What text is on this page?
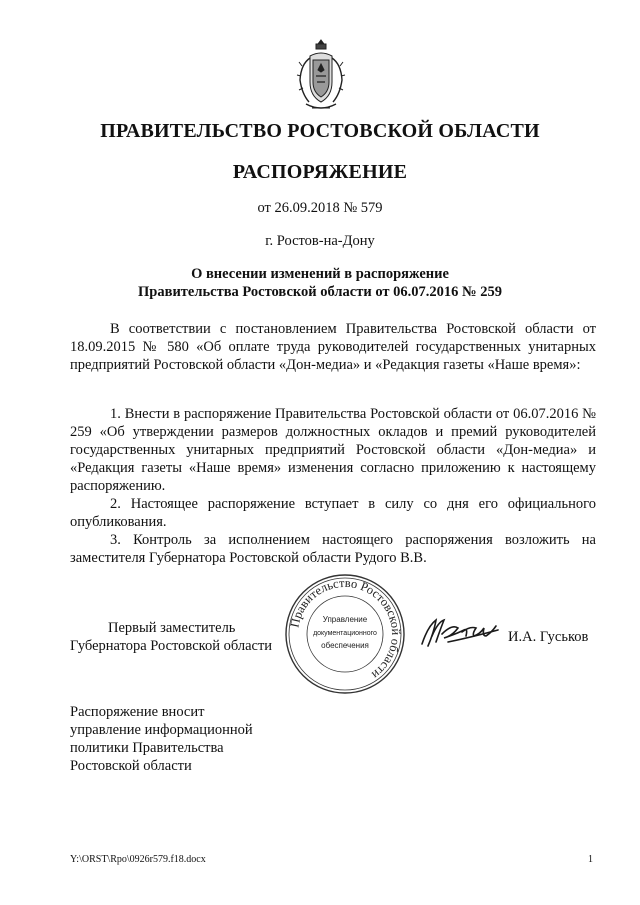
ПРАВИТЕЛЬСТВО РОСТОВСКОЙ ОБЛАСТИ
РАСПОРЯЖЕНИЕ
от 26.09.2018 № 579
г. Ростов-на-Дону
О внесении изменений в распоряжение
Правительства Ростовской области от 06.07.2016 № 259

В соответствии с постановлением Правительства Ростовской области от 18.09.2015 № 580 «Об оплате труда руководителей государственных унитарных предприятий Ростовской области «Дон-медиа» и «Редакция газеты «Наше время»:

1. Внести в распоряжение Правительства Ростовской области от 06.07.2016 № 259 «Об утверждении размеров должностных окладов и премий руководителей государственных унитарных предприятий Ростовской области «Дон-медиа» и «Редакция газеты «Наше время» изменения согласно приложению к настоящему распоряжению.

2. Настоящее распоряжение вступает в силу со дня его официального опубликования.

3. Контроль за исполнением настоящего распоряжения возложить на заместителя Губернатора Ростовской области Рудого В.В.

Первый заместитель
Губернатора Ростовской области
Правительство Ростовской области
Управление
документационного
обеспечения
И.А. Гуськов
Распоряжение вносит
управление информационной
политики Правительства
Ростовской области
Y:\ORST\Rpo\0926r579.f18.docx	1
